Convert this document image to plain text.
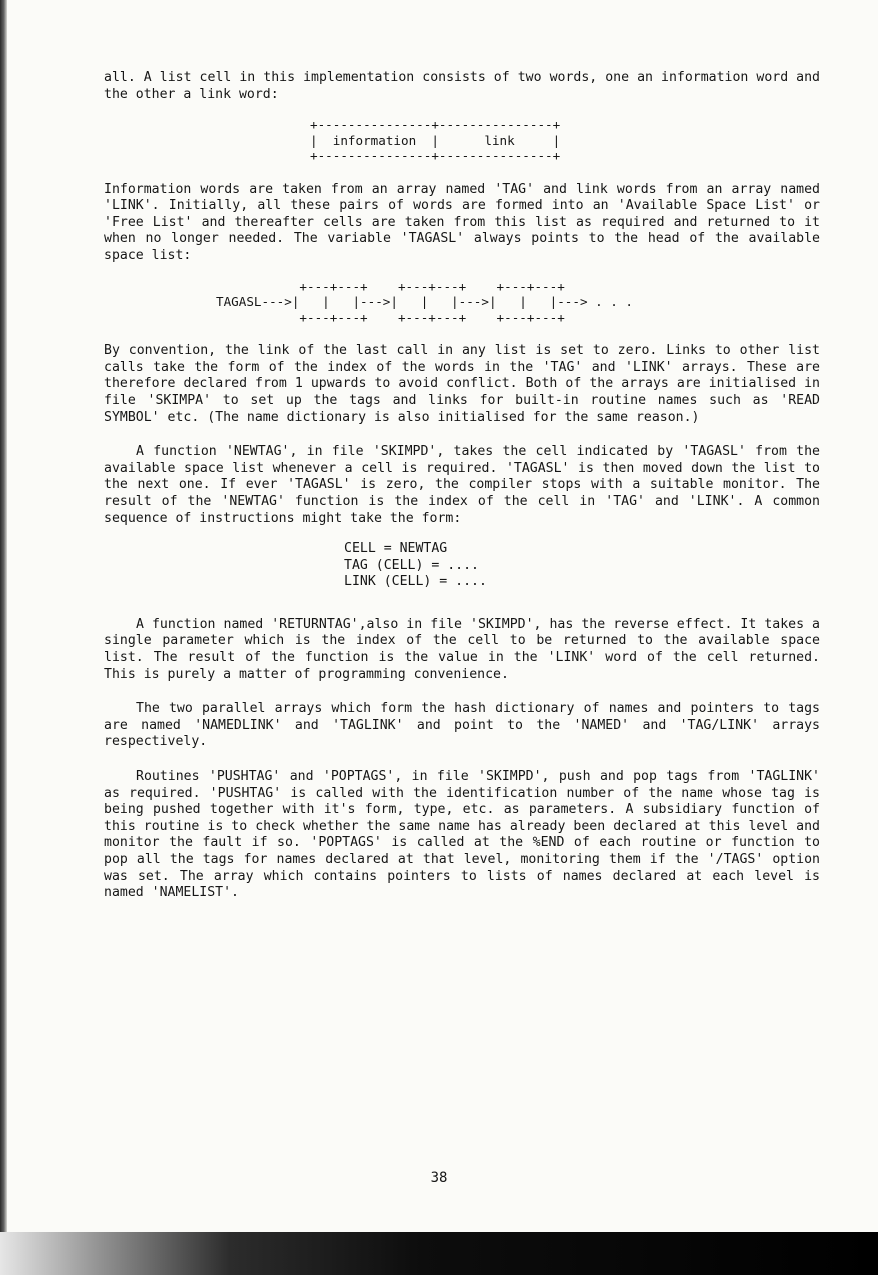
all. A list cell in this implementation consists of two words, one an information word and the other a link word:

+---------------+---------------+
|  information  |      link     |
+---------------+---------------+

Information words are taken from an array named 'TAG' and link words from an array named 'LINK'. Initially, all these pairs of words are formed into an 'Available Space List' or 'Free List' and thereafter cells are taken from this list as required and returned to it when no longer needed. The variable 'TAGASL' always points to the head of the available space list:

+---+---+    +---+---+    +---+---+
TAGASL--->|   |   |--->|   |   |--->|   |   |---> . . .
+---+---+    +---+---+    +---+---+

By convention, the link of the last call in any list is set to zero. Links to other list calls take the form of the index of the words in the 'TAG' and 'LINK' arrays. These are therefore declared from 1 upwards to avoid conflict. Both of the arrays are initialised in file 'SKIMPA' to set up the tags and links for built-in routine names such as 'READ SYMBOL' etc. (The name dictionary is also initialised for the same reason.)

A function 'NEWTAG', in file 'SKIMPD', takes the cell indicated by 'TAGASL' from the available space list whenever a cell is required. 'TAGASL' is then moved down the list to the next one. If ever 'TAGASL' is zero, the compiler stops with a suitable monitor. The result of the 'NEWTAG' function is the index of the cell in 'TAG' and 'LINK'. A common sequence of instructions might take the form:

CELL = NEWTAG
TAG (CELL) = ....
LINK (CELL) = ....

A function named 'RETURNTAG',also in file 'SKIMPD', has the reverse effect. It takes a single parameter which is the index of the cell to be returned to the available space list. The result of the function is the value in the 'LINK' word of the cell returned. This is purely a matter of programming convenience.

The two parallel arrays which form the hash dictionary of names and pointers to tags are named 'NAMEDLINK' and 'TAGLINK' and point to the 'NAMED' and 'TAG/LINK' arrays respectively.

Routines 'PUSHTAG' and 'POPTAGS', in file 'SKIMPD', push and pop tags from 'TAGLINK' as required. 'PUSHTAG' is called with the identification number of the name whose tag is being pushed together with it's form, type, etc. as parameters. A subsidiary function of this routine is to check whether the same name has already been declared at this level and monitor the fault if so. 'POPTAGS' is called at the %END of each routine or function to pop all the tags for names declared at that level, monitoring them if the '/TAGS' option was set. The array which contains pointers to lists of names declared at each level is named 'NAMELIST'.

38
